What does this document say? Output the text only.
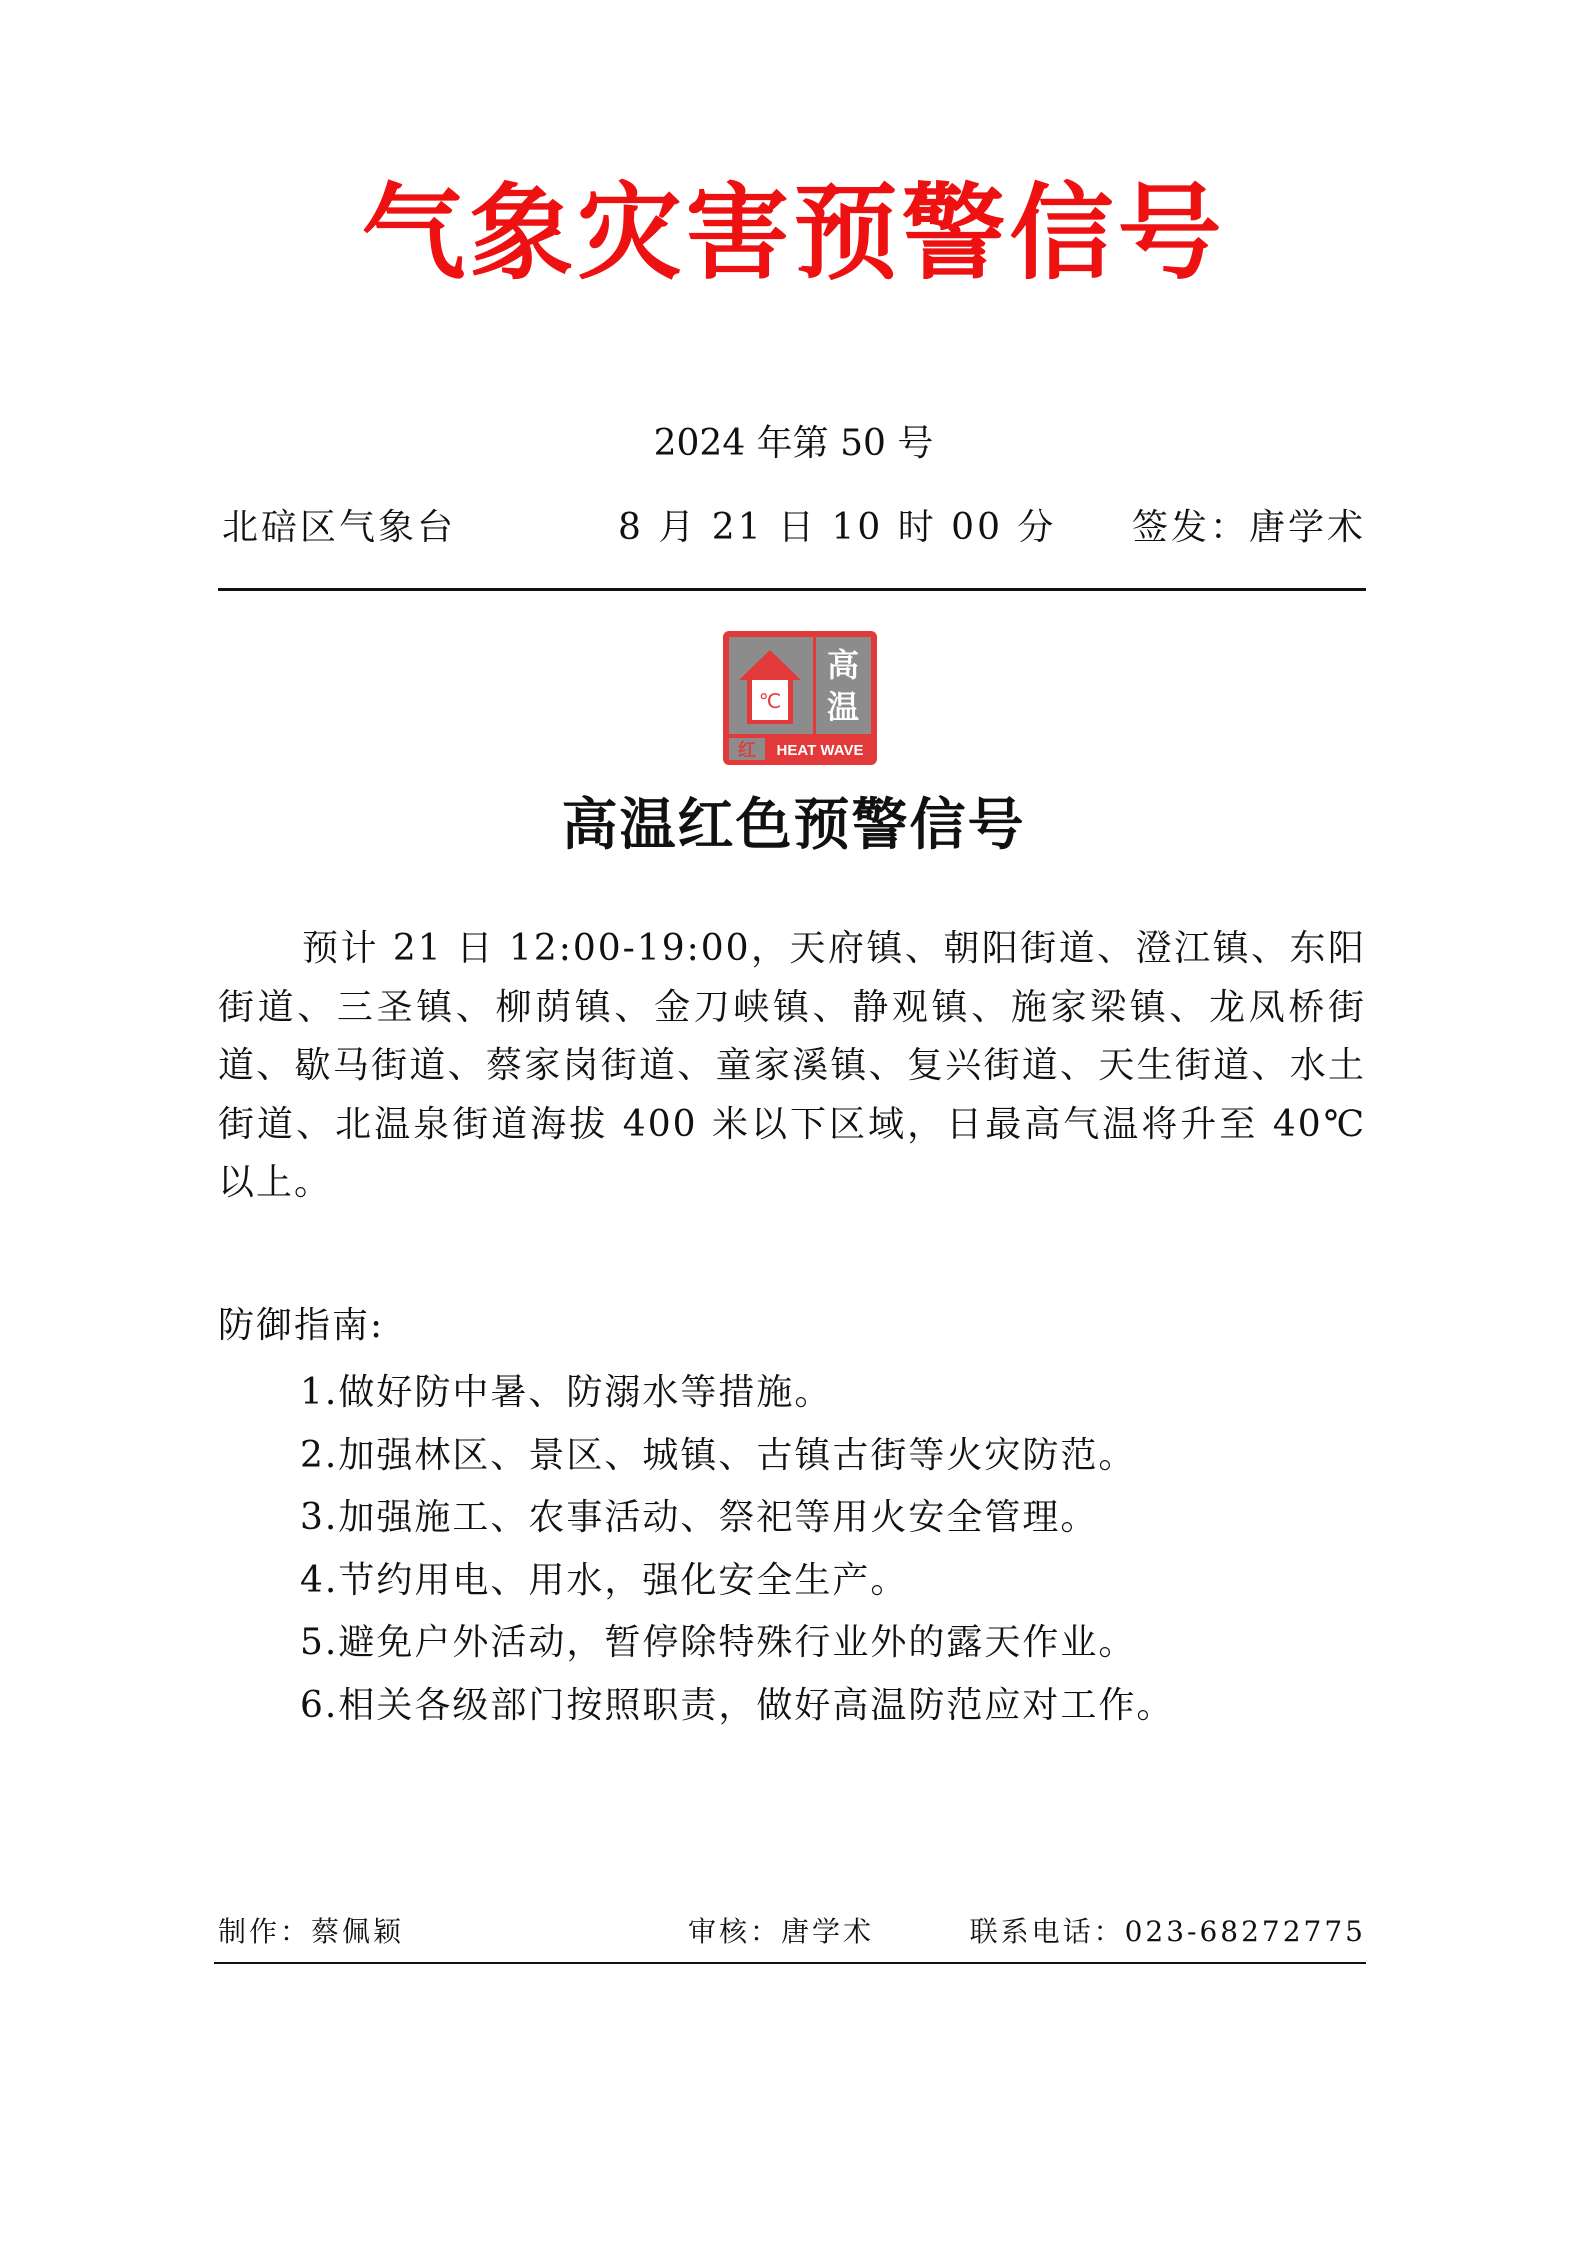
气象灾害预警信号
2024 年第 50 号
北碚区气象台	8 月 21 日 10 时 00 分 签发：唐学术
℃
高
温
红 HEAT WAVE
高温红色预警信号

预计 21 日 12:00-19:00，天府镇、朝阳街道、澄江镇、东阳街道、三圣镇、柳荫镇、金刀峡镇、静观镇、施家梁镇、龙凤桥街道、歇马街道、蔡家岗街道、童家溪镇、复兴街道、天生街道、水土街道、北温泉街道海拔 400 米以下区域，日最高气温将升至 40℃以上。

防御指南:
1.做好防中暑、防溺水等措施。
2.加强林区、景区、城镇、古镇古街等火灾防范。
3.加强施工、农事活动、祭祀等用火安全管理。
4.节约用电、用水，强化安全生产。
5.避免户外活动，暂停除特殊行业外的露天作业。
6.相关各级部门按照职责，做好高温防范应对工作。
制作：蔡佩颖	审核：唐学术	联系电话：023-68272775
